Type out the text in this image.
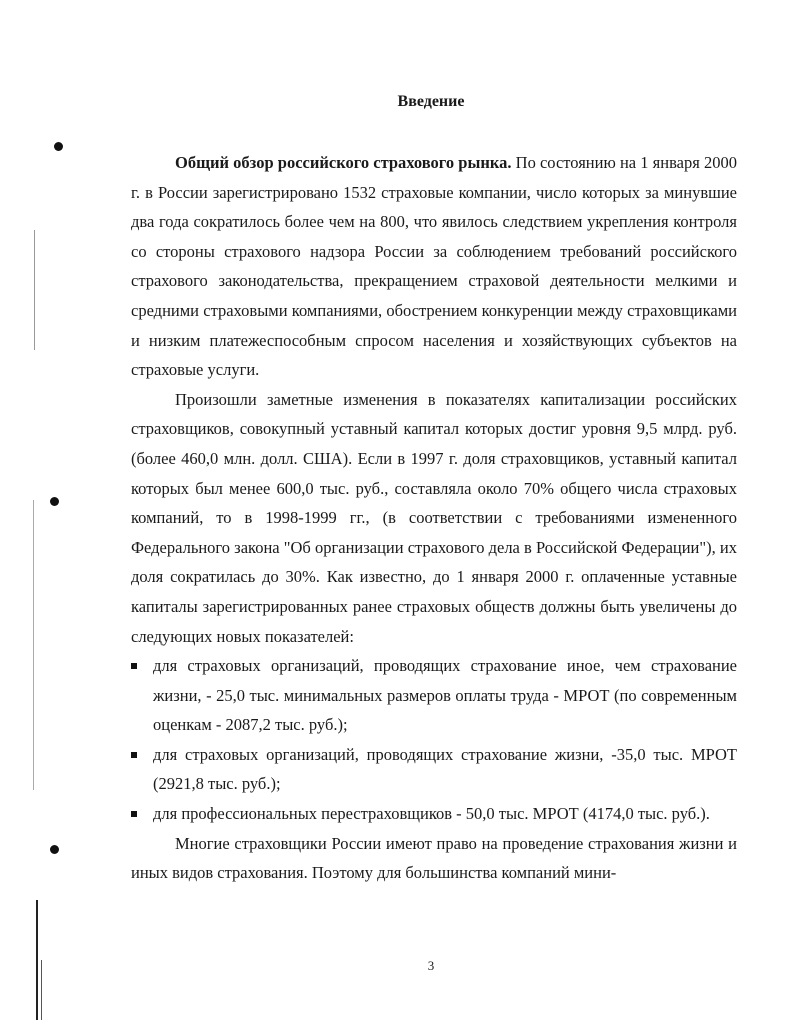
Введение

Общий обзор российского страхового рынка. По состоянию на 1 января 2000 г. в России зарегистрировано 1532 страховые компании, число которых за минувшие два года сократилось более чем на 800, что явилось следствием укрепления контроля со стороны страхового надзора России за соблюдением требований российского страхового законодательства, прекращением страховой деятельности мелкими и средними страховыми компаниями, обострением конкуренции между страховщиками и низким платежеспособным спросом населения и хозяйствующих субъектов на страховые услуги.

Произошли заметные изменения в показателях капитализации российских страховщиков, совокупный уставный капитал которых достиг уровня 9,5 млрд. руб. (более 460,0 млн. долл. США). Если в 1997 г. доля страховщиков, уставный капитал которых был менее 600,0 тыс. руб., составляла около 70% общего числа страховых компаний, то в 1998-1999 гг., (в соответствии с требованиями измененного Федерального закона "Об организации страхового дела в Российской Федерации"), их доля сократилась до 30%. Как известно, до 1 января 2000 г. оплаченные уставные капиталы зарегистрированных ранее страховых обществ должны быть увеличены до следующих новых показателей:

для страховых организаций, проводящих страхование иное, чем страхование жизни, - 25,0 тыс. минимальных размеров оплаты труда - МРОТ (по современным оценкам - 2087,2 тыс. руб.);
для страховых организаций, проводящих страхование жизни, -35,0 тыс. МРОТ (2921,8 тыс. руб.);
для профессиональных перестраховщиков - 50,0 тыс. МРОТ (4174,0 тыс. руб.).

Многие страховщики России имеют право на проведение страхования жизни и иных видов страхования. Поэтому для большинства компаний мини-

3
